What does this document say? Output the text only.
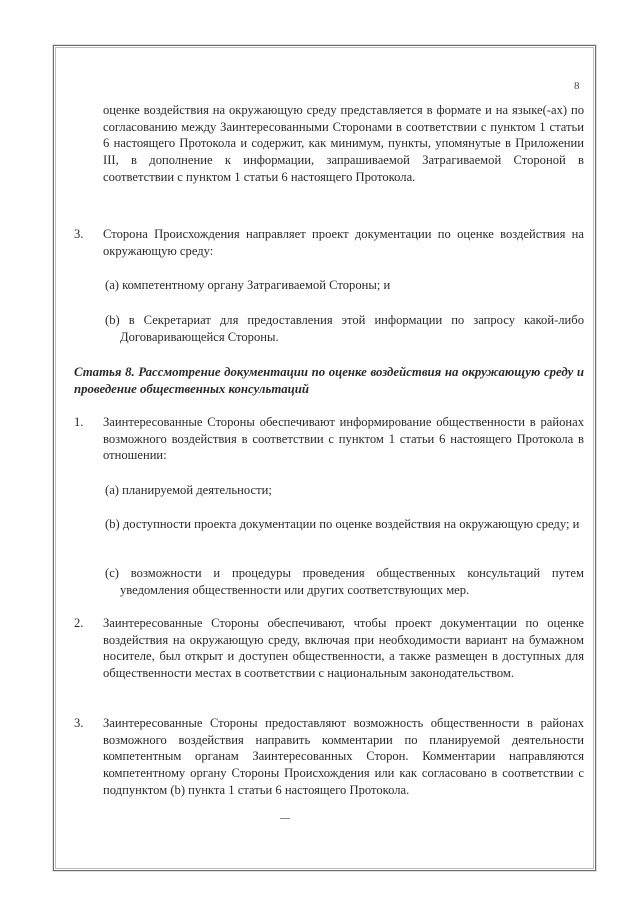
8

оценке воздействия на окружающую среду представляется в формате и на языке(-ах) по согласованию между Заинтересованными Сторонами в соответствии с пунктом 1 статьи 6 настоящего Протокола и содержит, как минимум, пункты, упомянутые в Приложении III, в дополнение к информации, запрашиваемой Затрагиваемой Стороной в соответствии с пунктом 1 статьи 6 настоящего Протокола.

3. Сторона Происхождения направляет проект документации по оценке воздействия на окружающую среду:

(а) компетентному органу Затрагиваемой Стороны; и

(b) в Секретариат для предоставления этой информации по запросу какой-либо Договаривающейся Стороны.

Статья 8. Рассмотрение документации по оценке воздействия на окружающую среду и проведение общественных консультаций

1. Заинтересованные Стороны обеспечивают информирование общественности в районах возможного воздействия в соответствии с пунктом 1 статьи 6 настоящего Протокола в отношении:

(a) планируемой деятельности;

(b) доступности проекта документации по оценке воздействия на окружающую среду; и

(c) возможности и процедуры проведения общественных консультаций путем уведомления общественности или других соответствующих мер.

2. Заинтересованные Стороны обеспечивают, чтобы проект документации по оценке воздействия на окружающую среду, включая при необходимости вариант на бумажном носителе, был открыт и доступен общественности, а также размещен в доступных для общественности местах в соответствии с национальным законодательством.

3. Заинтересованные Стороны предоставляют возможность общественности в районах возможного воздействия направить комментарии по планируемой деятельности компетентным органам Заинтересованных Сторон. Комментарии направляются компетентному органу Стороны Происхождения или как согласовано в соответствии с подпунктом (b) пункта 1 статьи 6 настоящего Протокола.
